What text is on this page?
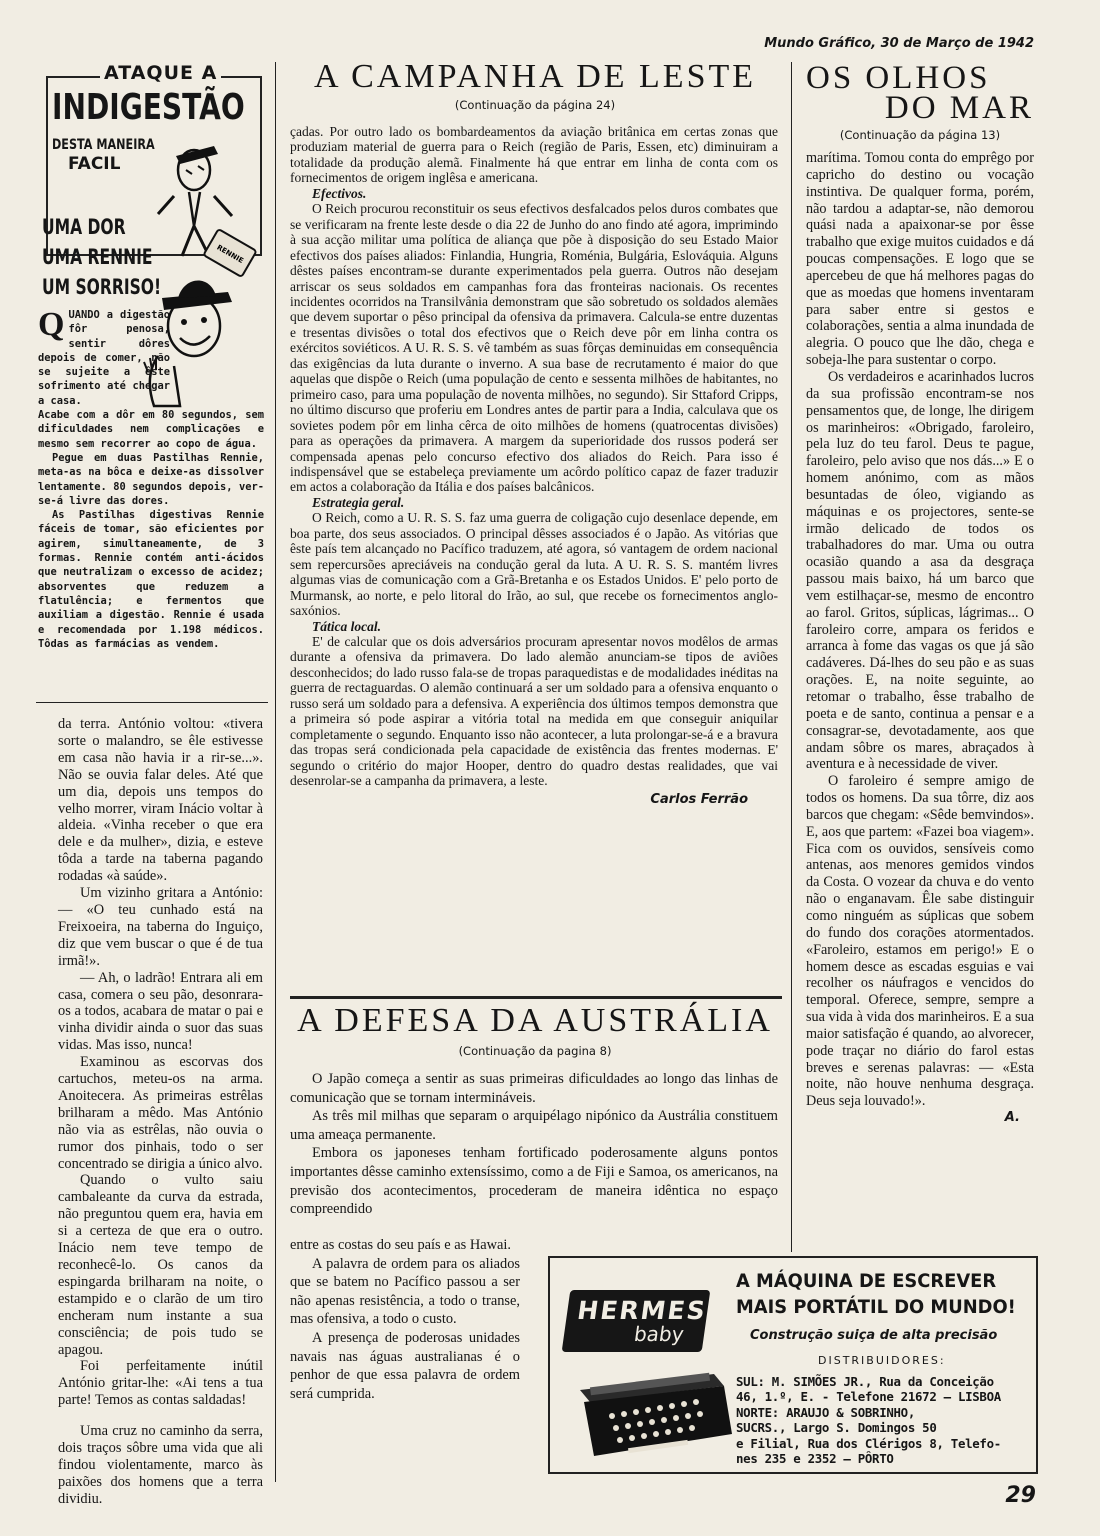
Mundo Gráfico, 30 de Março de 1942
ATAQUE A
INDIGESTÃO
DESTA MANEIRA
FACIL
RENNIE
UMA DOR
UMA RENNIE
UM SORRISO!
QUANDO a digestão fôr penosa, sentir dôres depois de comer, não se sujeite a êste sofrimento até chegar a casa.

Acabe com a dôr em 80 segundos, sem dificuldades nem complicações e mesmo sem recorrer ao copo de água.

Pegue em duas Pastilhas Rennie, meta-as na bôca e deixe-as dissolver lentamente. 80 segundos depois, ver-se-á livre das dores.

As Pastilhas digestivas Rennie fáceis de tomar, são eficientes por agirem, simultaneamente, de 3 formas. Rennie contém anti-ácidos que neutralizam o excesso de acidez; absorventes que reduzem a flatulência; e fermentos que auxiliam a digestão. Rennie é usada e recomendada por 1.198 médicos. Tôdas as farmácias as vendem.

da terra. António voltou: «tivera sorte o malandro, se êle estivesse em casa não havia ir a rir-se...». Não se ouvia falar deles. Até que um dia, depois uns tempos do velho morrer, viram Inácio voltar à aldeia. «Vinha receber o que era dele e da mulher», dizia, e esteve tôda a tarde na taberna pagando rodadas «à saúde».

Um vizinho gritara a António: — «O teu cunhado está na Freixoeira, na taberna do Inguiço, diz que vem buscar o que é de tua irmã!».

— Ah, o ladrão! Entrara ali em casa, comera o seu pão, desonrara-os a todos, acabara de matar o pai e vinha dividir ainda o suor das suas vidas. Mas isso, nunca!

Examinou as escorvas dos cartuchos, meteu-os na arma. Anoitecera. As primeiras estrêlas brilharam a mêdo. Mas António não via as estrêlas, não ouvia o rumor dos pinhais, todo o ser concentrado se dirigia a único alvo.

Quando o vulto saiu cambaleante da curva da estrada, não preguntou quem era, havia em si a certeza de que era o outro. Inácio nem teve tempo de reconhecê-lo. Os canos da espingarda brilharam na noite, o estampido e o clarão de um tiro encheram num instante a sua consciência; de pois tudo se apagou.

Foi perfeitamente inútil António gritar-lhe: «Ai tens a tua parte! Temos as contas saldadas!

Uma cruz no caminho da serra, dois traços sôbre uma vida que ali findou violentamente, marco às paixões dos homens que a terra dividiu.

A CAMPANHA DE LESTE
(Continuação da página 24)

çadas. Por outro lado os bombardeamentos da aviação britânica em certas zonas que produziam material de guerra para o Reich (região de Paris, Essen, etc) diminuiram a totalidade da produção alemã. Finalmente há que entrar em linha de conta com os fornecimentos de origem inglêsa e americana.

Efectivos.

O Reich procurou reconstituir os seus efectivos desfalcados pelos duros combates que se verificaram na frente leste desde o dia 22 de Junho do ano findo até agora, imprimindo à sua acção militar uma política de aliança que põe à disposição do seu Estado Maior efectivos dos países aliados: Finlandia, Hungria, Roménia, Bulgária, Eslováquia. Alguns dêstes países encontram-se durante experimentados pela guerra. Outros não desejam arriscar os seus soldados em campanhas fora das fronteiras nacionais. Os recentes incidentes ocorridos na Transilvânia demonstram que são sobretudo os soldados alemães que devem suportar o pêso principal da ofensiva da primavera. Calcula-se entre duzentas e tresentas divisões o total dos efectivos que o Reich deve pôr em linha contra os exércitos soviéticos. A U. R. S. S. vê também as suas fôrças deminuidas em consequência das exigências da luta durante o inverno. A sua base de recrutamento é maior do que aquelas que dispõe o Reich (uma população de cento e sessenta milhões de habitantes, no primeiro caso, para uma população de noventa milhões, no segundo). Sir Sttaford Cripps, no último discurso que proferiu em Londres antes de partir para a India, calculava que os sovietes podem pôr em linha cêrca de oito milhões de homens (quatrocentas divisões) para as operações da primavera. A margem da superioridade dos russos poderá ser compensada apenas pelo concurso efectivo dos aliados do Reich. Para isso é indispensável que se estabeleça previamente um acôrdo político capaz de fazer traduzir em actos a colaboração da Itália e dos países balcânicos.

Estrategia geral.

O Reich, como a U. R. S. S. faz uma guerra de coligação cujo desenlace depende, em boa parte, dos seus associados. O principal dêsses associados é o Japão. As vitórias que êste país tem alcançado no Pacífico traduzem, até agora, só vantagem de ordem nacional sem repercursões apreciáveis na condução geral da luta. A U. R. S. S. mantém livres algumas vias de comunicação com a Grã-Bretanha e os Estados Unidos. E' pelo porto de Murmansk, ao norte, e pelo litoral do Irão, ao sul, que recebe os fornecimentos anglo-saxónios.

Tática local.

E' de calcular que os dois adversários procuram apresentar novos modêlos de armas durante a ofensiva da primavera. Do lado alemão anunciam-se tipos de aviões desconhecidos; do lado russo fala-se de tropas paraquedistas e de modalidades inéditas na guerra de rectaguardas. O alemão continuará a ser um soldado para a ofensiva enquanto o russo será um soldado para a defensiva. A experiência dos últimos tempos demonstra que a primeira só pode aspirar a vitória total na medida em que conseguir aniquilar completamente o segundo. Enquanto isso não acontecer, a luta prolongar-se-á e a bravura das tropas será condicionada pela capacidade de existência das frentes modernas. E' segundo o critério do major Hooper, dentro do quadro destas realidades, que vai desenrolar-se a campanha da primavera, a leste.

Carlos Ferrão
A DEFESA DA AUSTRÁLIA
(Continuação da pagina 8)

O Japão começa a sentir as suas primeiras dificuldades ao longo das linhas de comunicação que se tornam intermináveis.

As três mil milhas que separam o arquipélago nipónico da Austrália constituem uma ameaça permanente.

Embora os japoneses tenham fortificado poderosamente alguns pontos importantes dêsse caminho extensíssimo, como a de Fiji e Samoa, os americanos, na previsão dos acontecimentos, procederam de maneira idêntica no espaço compreendido

entre as costas do seu país e as Hawai.

A palavra de ordem para os aliados que se batem no Pacífico passou a ser não apenas resistência, a todo o transe, mas ofensiva, a todo o custo.

A presença de poderosas unidades navais nas águas australianas é o penhor de que essa palavra de ordem será cumprida.

OS OLHOS
DO MAR
(Continuação da página 13)

marítima. Tomou conta do emprêgo por capricho do destino ou vocação instintiva. De qualquer forma, porém, não tardou a adaptar-se, não demorou quási nada a apaixonar-se por êsse trabalho que exige muitos cuidados e dá poucas compensações. E logo que se apercebeu de que há melhores pagas do que as moedas que homens inventaram para saber entre si gestos e colaborações, sentia a alma inundada de alegria. O pouco que lhe dão, chega e sobeja-lhe para sustentar o corpo.

Os verdadeiros e acarinhados lucros da sua profissão encontram-se nos pensamentos que, de longe, lhe dirigem os marinheiros: «Obrigado, faroleiro, pela luz do teu farol. Deus te pague, faroleiro, pelo aviso que nos dás...» E o homem anónimo, com as mãos besuntadas de óleo, vigiando as máquinas e os projectores, sente-se irmão delicado de todos os trabalhadores do mar. Uma ou outra ocasião quando a asa da desgraça passou mais baixo, há um barco que vem estilhaçar-se, mesmo de encontro ao farol. Gritos, súplicas, lágrimas... O faroleiro corre, ampara os feridos e arranca à fome das vagas os que já são cadáveres. Dá-lhes do seu pão e as suas orações. E, na noite seguinte, ao retomar o trabalho, êsse trabalho de poeta e de santo, continua a pensar e a consagrar-se, devotadamente, aos que andam sôbre os mares, abraçados à aventura e à necessidade de viver.

O faroleiro é sempre amigo de todos os homens. Da sua tôrre, diz aos barcos que chegam: «Sêde bemvindos». E, aos que partem: «Fazei boa viagem». Fica com os ouvidos, sensíveis como antenas, aos menores gemidos vindos da Costa. O vozear da chuva e do vento não o enganavam. Êle sabe distinguir como ninguém as súplicas que sobem do fundo dos corações atormentados. «Faroleiro, estamos em perigo!» E o homem desce as escadas esguias e vai recolher os náufragos e vencidos do temporal. Oferece, sempre, sempre a sua vida à vida dos marinheiros. E a sua maior satisfação é quando, ao alvorecer, pode traçar no diário do farol estas breves e serenas palavras: — «Esta noite, não houve nenhuma desgraça. Deus seja louvado!».

A.
HERMES
baby
A MÁQUINA DE ESCREVER
MAIS PORTÁTIL DO MUNDO!
Construção suiça de alta precisão
DISTRIBUIDORES:
SUL: M. SIMÕES JR., Rua da Conceição
46, 1.º, E. - Telefone 21672 — LISBOA
NORTE: ARAUJO & SOBRINHO,
SUCRS., Largo S. Domingos 50
e Filial, Rua dos Clérigos 8, Telefo-
nes 235 e 2352 — PÔRTO
29
